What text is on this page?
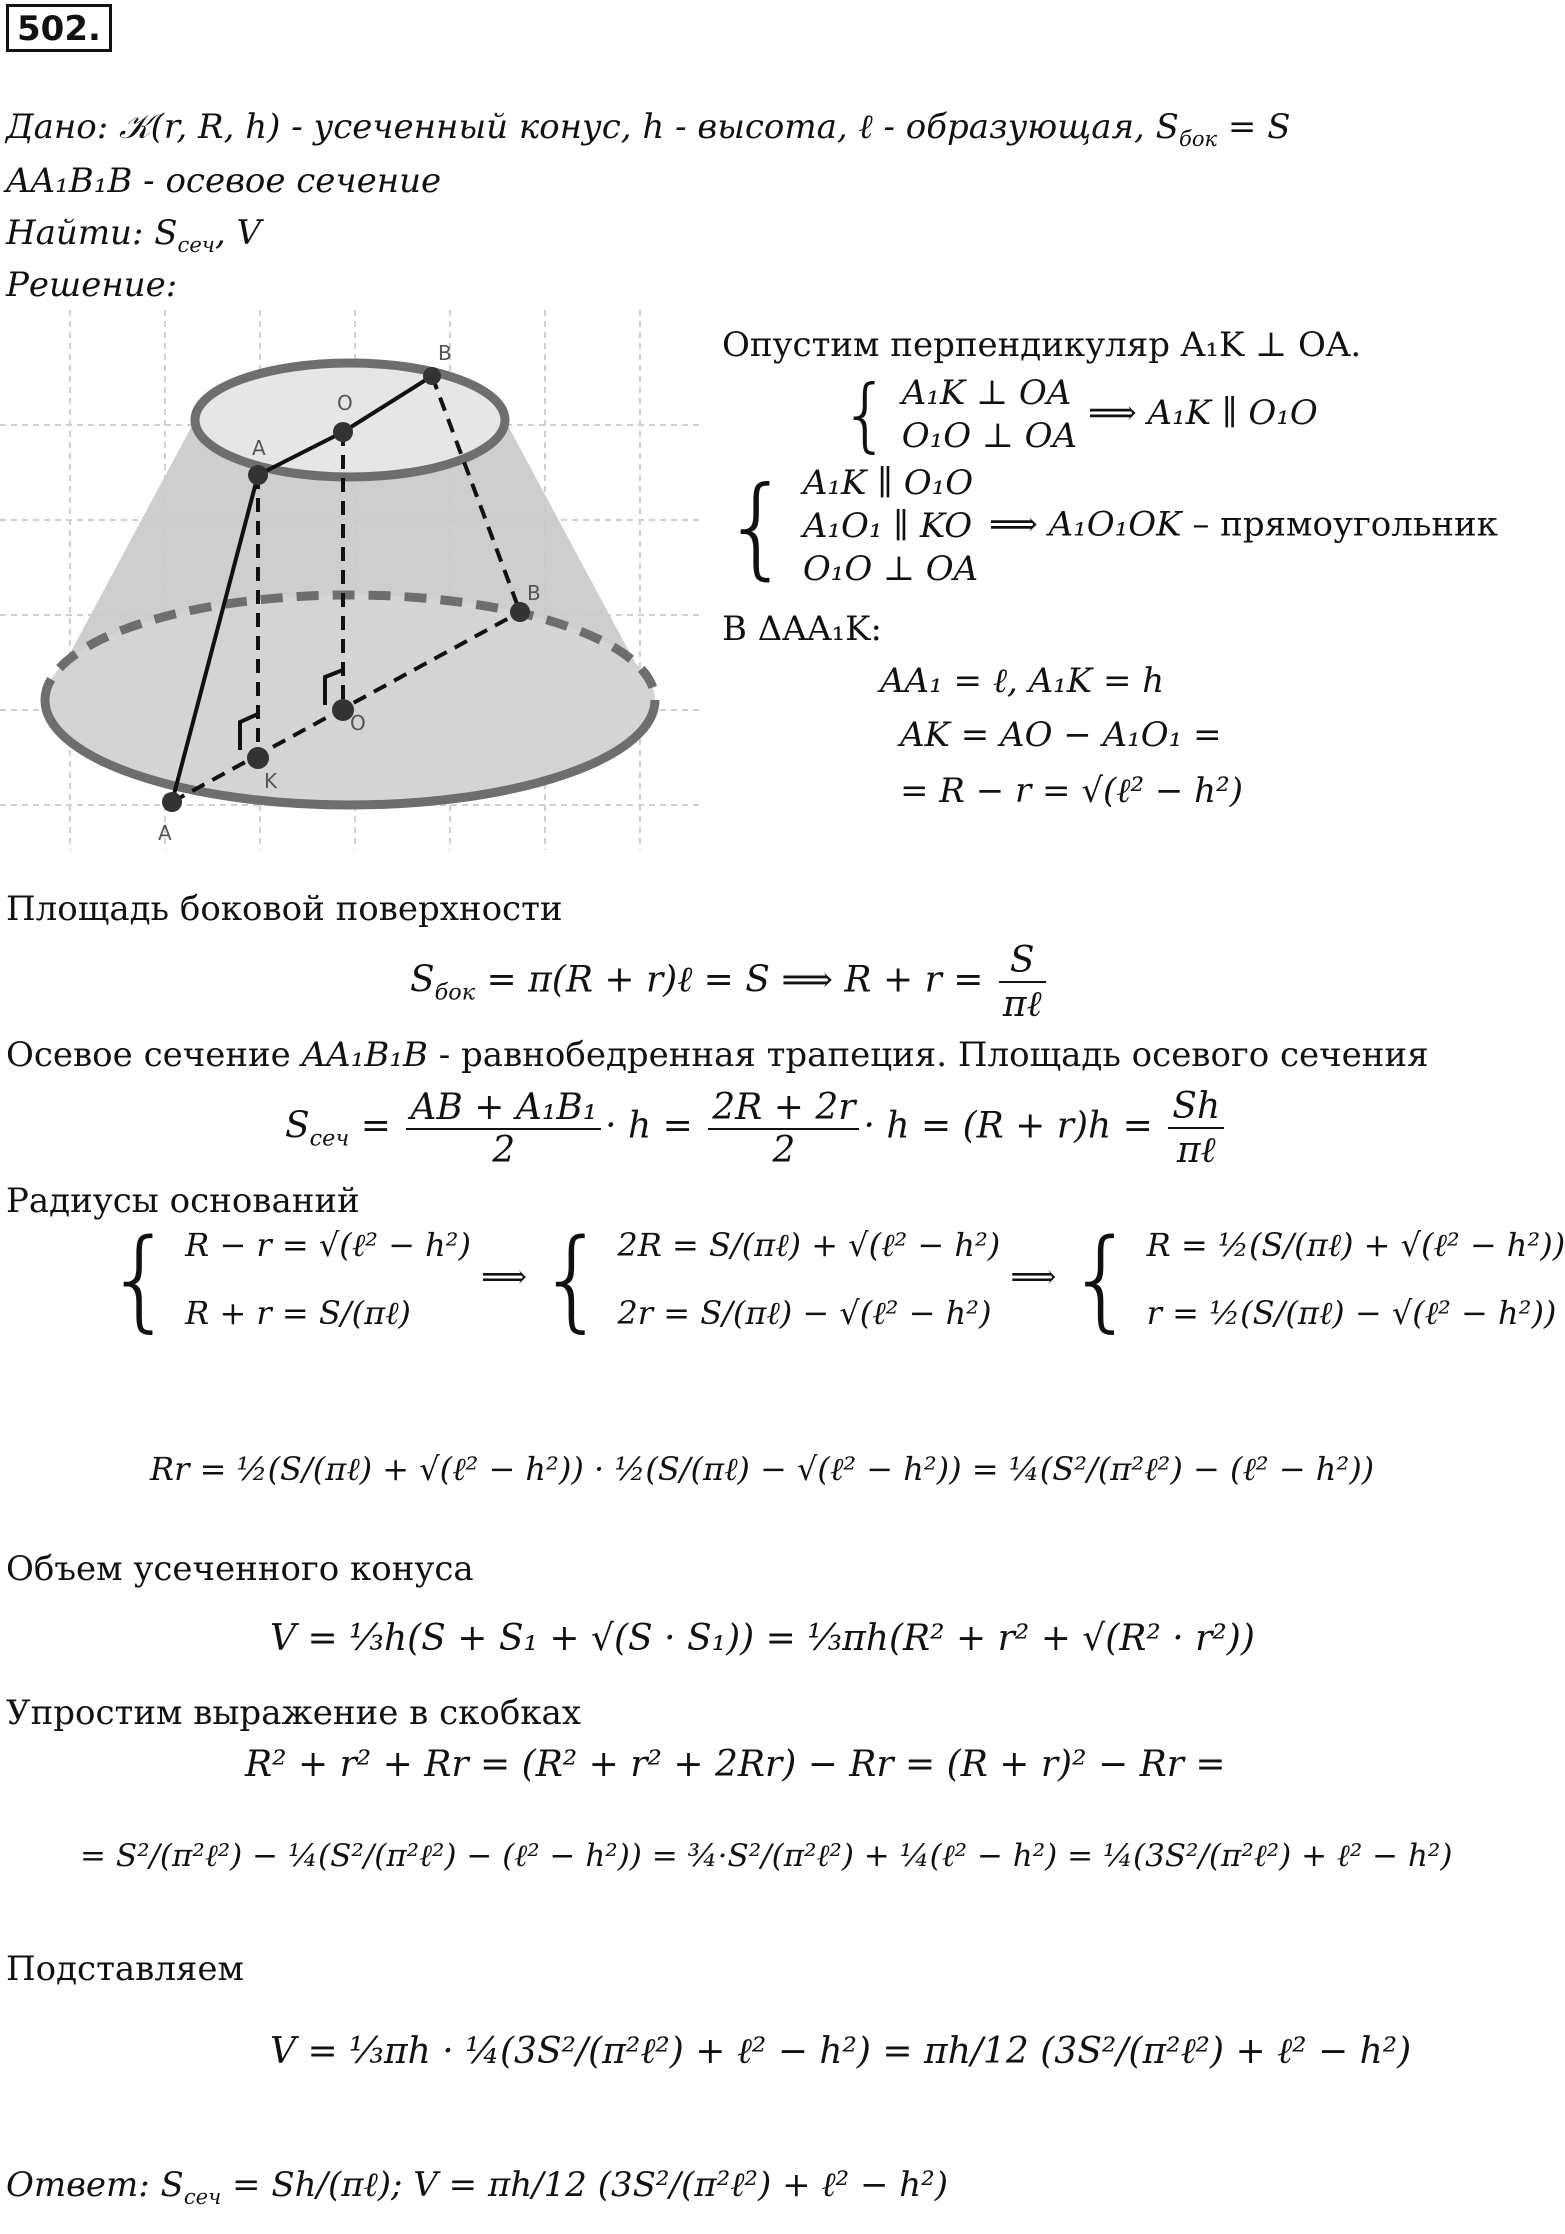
502.
Дано: 𝒦(r, R, h) - усеченный конус, h - высота, ℓ - образующая, $S_{бок} = S$
AA₁B₁B - осевое сечение
Найти: $S_{сеч}$, V
Решение:
A
A
O
B
B
O
K
Опустим перпендикуляр A₁K ⊥ OA.
{ A₁K ⊥ OA
O₁O ⊥ OA
⟹ A₁K ∥ O₁O
{ A₁K ∥ O₁O
A₁O₁ ∥ KO
O₁O ⊥ OA
⟹ A₁O₁OK – прямоугольник
В ΔAA₁K:
AA₁ = ℓ, A₁K = h
AK = AO − A₁O₁ =
= R − r = √(ℓ² − h²)
Площадь боковой поверхности
$S_{бок} = \pi(R$ + r)ℓ = S ⟹ $R + r = \frac{S}{\text{πℓ}}$
Осевое сечение AA₁B₁B - равнобедренная трапеция. Площадь осевого сечения
$S_{сеч} = \frac{\text{AB + A₁B₁}}{2} \cdot h = \frac{2R + 2r}{2} \cdot h = (R + r)h = \frac{Sh}{\text{πℓ}}$
Радиусы оснований
{ R − r = √(ℓ² − h²)
R + r = S/(πℓ)
⟹ { 2R = S/(πℓ) + √(ℓ² − h²)
2r = S/(πℓ) − √(ℓ² − h²)
⟹ { R = ½(S/(πℓ) + √(ℓ² − h²))
r = ½(S/(πℓ) − √(ℓ² − h²))
Rr = ½(S/(πℓ) + √(ℓ² − h²)) · ½(S/(πℓ) − √(ℓ² − h²)) = ¼(S²/(π²ℓ²) − (ℓ² − h²))
Объем усеченного конуса
V = ⅓h(S + S₁ + √(S · S₁)) = ⅓πh(R² + r² + √(R² · r²))
Упростим выражение в скобках
R² + r² + Rr = (R² + r² + 2Rr) − Rr = (R + r)² − Rr =
= S²/(π²ℓ²) − ¼(S²/(π²ℓ²) − (ℓ² − h²)) = ¾·S²/(π²ℓ²) + ¼(ℓ² − h²) = ¼(3S²/(π²ℓ²) + ℓ² − h²)
Подставляем
V = ⅓πh · ¼(3S²/(π²ℓ²) + ℓ² − h²) = πh/12 (3S²/(π²ℓ²) + ℓ² − h²)
Ответ: $S_{сеч}$ = Sh/(πℓ); V = πh/12 (3S²/(π²ℓ²) + ℓ² − h²)
